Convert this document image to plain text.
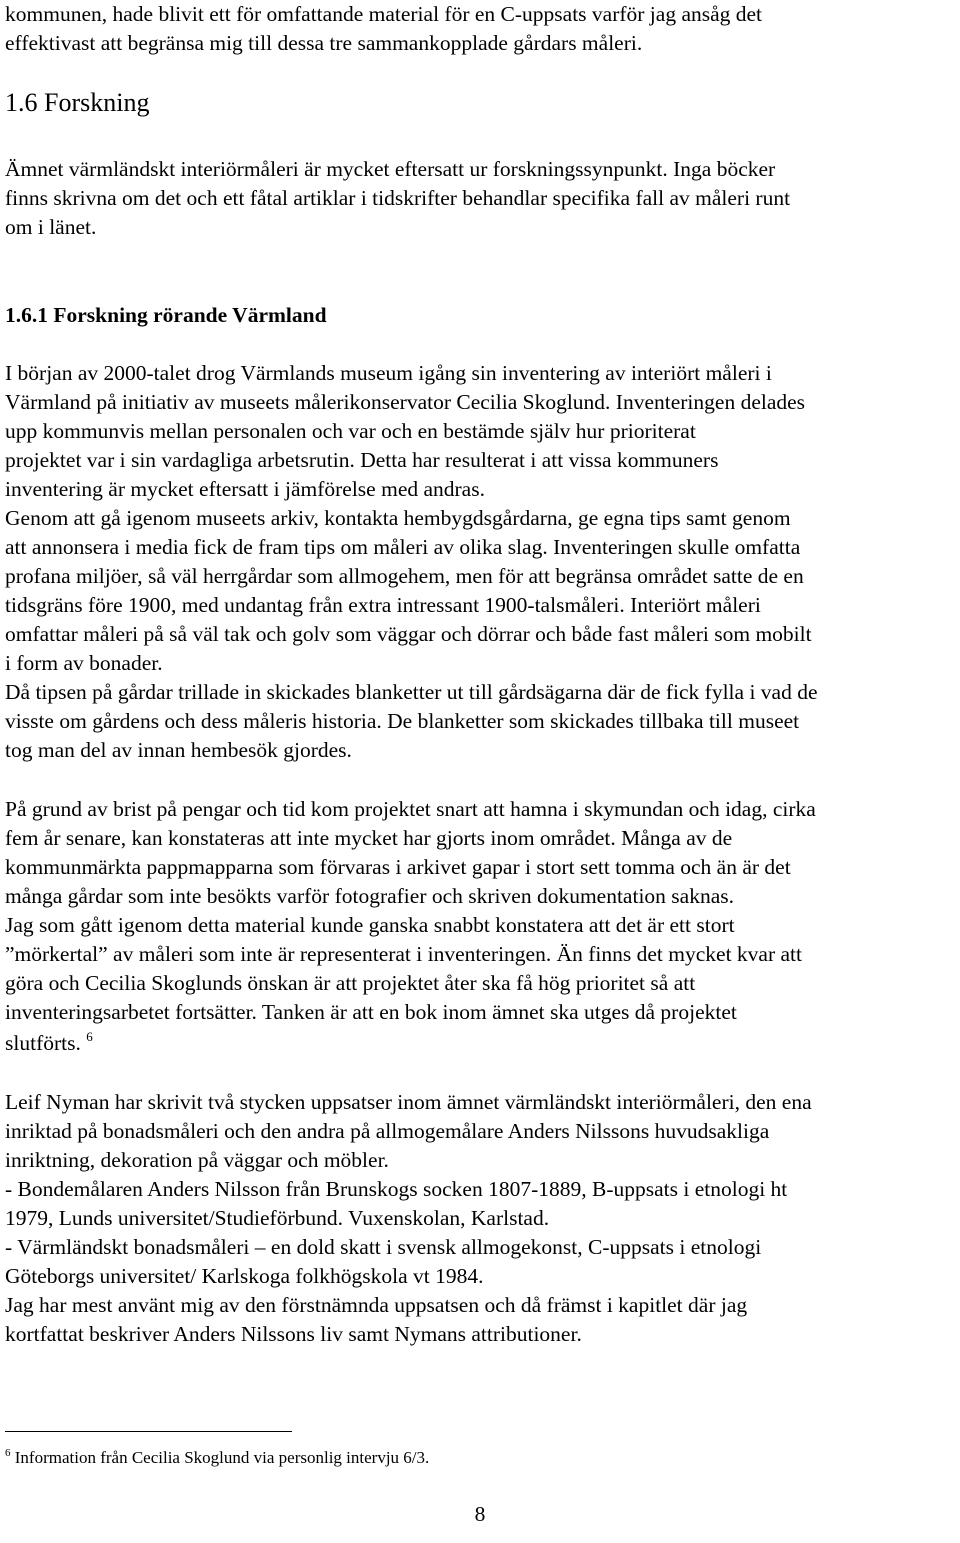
kommunen, hade blivit ett för omfattande material för en C-uppsats varför jag ansåg det

effektivast att begränsa mig till dessa tre sammankopplade gårdars måleri.

1.6 Forskning

Ämnet värmländskt interiörmåleri är mycket eftersatt ur forskningssynpunkt. Inga böcker

finns skrivna om det och ett fåtal artiklar i tidskrifter behandlar specifika fall av måleri runt

om i länet.

1.6.1 Forskning rörande Värmland

I början av 2000-talet drog Värmlands museum igång sin inventering av interiört måleri i

Värmland på initiativ av museets målerikonservator Cecilia Skoglund. Inventeringen delades

upp kommunvis mellan personalen och var och en bestämde själv hur prioriterat

projektet var i sin vardagliga arbetsrutin. Detta har resulterat i att vissa kommuners

inventering är mycket eftersatt i jämförelse med andras.

Genom att gå igenom museets arkiv, kontakta hembygdsgårdarna, ge egna tips samt genom

att annonsera i media fick de fram tips om måleri av olika slag. Inventeringen skulle omfatta

profana miljöer, så väl herrgårdar som allmogehem, men för att begränsa området satte de en

tidsgräns före 1900, med undantag från extra intressant 1900-talsmåleri. Interiört måleri

omfattar måleri på så väl tak och golv som väggar och dörrar och både fast måleri som mobilt

i form av bonader.

Då tipsen på gårdar trillade in skickades blanketter ut till gårdsägarna där de fick fylla i vad de

visste om gårdens och dess måleris historia. De blanketter som skickades tillbaka till museet

tog man del av innan hembesök gjordes.

På grund av brist på pengar och tid kom projektet snart att hamna i skymundan och idag, cirka

fem år senare, kan konstateras att inte mycket har gjorts inom området. Många av de

kommunmärkta pappmapparna som förvaras i arkivet gapar i stort sett tomma och än är det

många gårdar som inte besökts varför fotografier och skriven dokumentation saknas.

Jag som gått igenom detta material kunde ganska snabbt konstatera att det är ett stort

”mörkertal” av måleri som inte är representerat i inventeringen. Än finns det mycket kvar att

göra och Cecilia Skoglunds önskan är att projektet åter ska få hög prioritet så att

inventeringsarbetet fortsätter. Tanken är att en bok inom ämnet ska utges då projektet

slutförts. $^6$

Leif Nyman har skrivit två stycken uppsatser inom ämnet värmländskt interiörmåleri, den ena

inriktad på bonadsmåleri och den andra på allmogemålare Anders Nilssons huvudsakliga

inriktning, dekoration på väggar och möbler.

- Bondemålaren Anders Nilsson från Brunskogs socken 1807-1889, B-uppsats i etnologi ht

1979, Lunds universitet/Studieförbund. Vuxenskolan, Karlstad.

- Värmländskt bonadsmåleri – en dold skatt i svensk allmogekonst, C-uppsats i etnologi

Göteborgs universitet/ Karlskoga folkhögskola vt 1984.

Jag har mest använt mig av den förstnämnda uppsatsen och då främst i kapitlet där jag

kortfattat beskriver Anders Nilssons liv samt Nymans attributioner.

$^6$ Information från Cecilia Skoglund via personlig intervju 6/3.
8
